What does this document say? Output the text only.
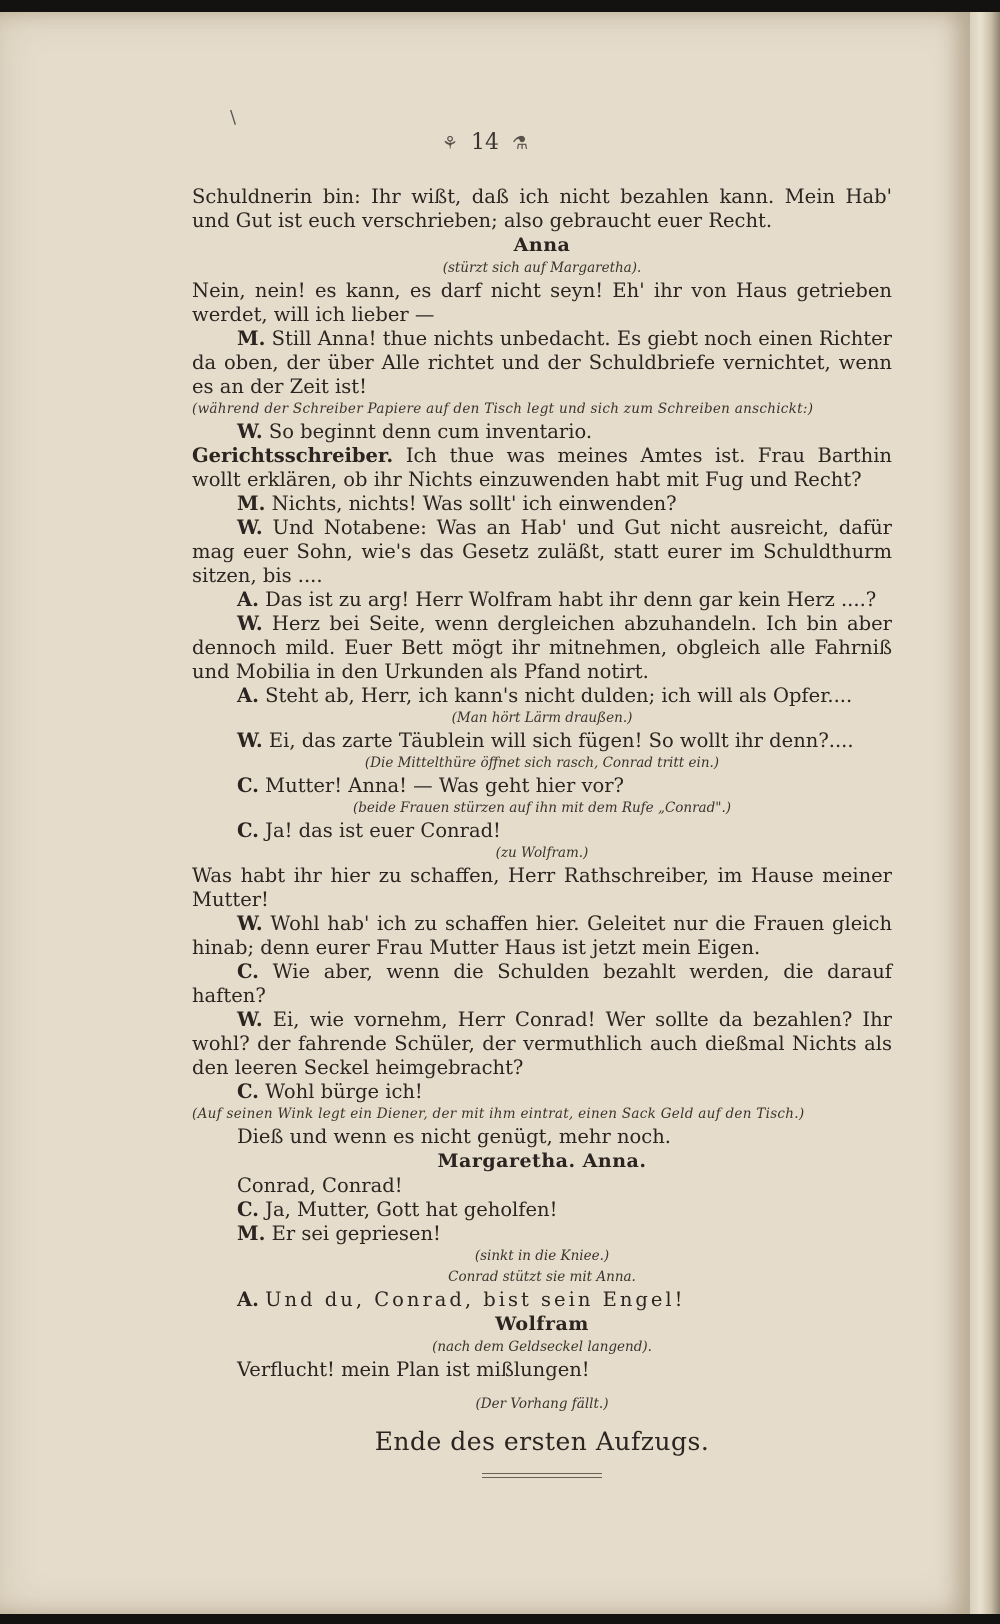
\
⚘ 14 ⚗

Schuldnerin bin: Ihr wißt, daß ich nicht bezahlen kann. Mein Hab' und Gut ist euch verschrieben; also gebraucht euer Recht.

Anna

(stürzt sich auf Margaretha).

Nein, nein! es kann, es darf nicht seyn! Eh' ihr von Haus getrieben werdet, will ich lieber —

M. Still Anna! thue nichts unbedacht. Es giebt noch einen Richter da oben, der über Alle richtet und der Schuldbriefe vernichtet, wenn es an der Zeit ist!

(während der Schreiber Papiere auf den Tisch legt und sich zum Schreiben anschickt:)

W. So beginnt denn cum inventario.

Gerichtsschreiber. Ich thue was meines Amtes ist. Frau Barthin wollt erklären, ob ihr Nichts einzuwenden habt mit Fug und Recht?

M. Nichts, nichts! Was sollt' ich einwenden?

W. Und Notabene: Was an Hab' und Gut nicht ausreicht, dafür mag euer Sohn, wie's das Gesetz zuläßt, statt eurer im Schuldthurm sitzen, bis ....

A. Das ist zu arg! Herr Wolfram habt ihr denn gar kein Herz ....?

W. Herz bei Seite, wenn dergleichen abzuhandeln. Ich bin aber dennoch mild. Euer Bett mögt ihr mitnehmen, obgleich alle Fahrniß und Mobilia in den Urkunden als Pfand notirt.

A. Steht ab, Herr, ich kann's nicht dulden; ich will als Opfer....

(Man hört Lärm draußen.)

W. Ei, das zarte Täublein will sich fügen! So wollt ihr denn?....

(Die Mittelthüre öffnet sich rasch, Conrad tritt ein.)

C. Mutter! Anna! — Was geht hier vor?

(beide Frauen stürzen auf ihn mit dem Rufe „Conrad".)

C. Ja! das ist euer Conrad!

(zu Wolfram.)

Was habt ihr hier zu schaffen, Herr Rathschreiber, im Hause meiner Mutter!

W. Wohl hab' ich zu schaffen hier. Geleitet nur die Frauen gleich hinab; denn eurer Frau Mutter Haus ist jetzt mein Eigen.

C. Wie aber, wenn die Schulden bezahlt werden, die darauf haften?

W. Ei, wie vornehm, Herr Conrad! Wer sollte da bezahlen? Ihr wohl? der fahrende Schüler, der vermuthlich auch dießmal Nichts als den leeren Seckel heimgebracht?

C. Wohl bürge ich!

(Auf seinen Wink legt ein Diener, der mit ihm eintrat, einen Sack Geld auf den Tisch.)

Dieß und wenn es nicht genügt, mehr noch.

Margaretha. Anna.

Conrad, Conrad!

C. Ja, Mutter, Gott hat geholfen!

M. Er sei gepriesen!

(sinkt in die Kniee.)

Conrad stützt sie mit Anna.

A. Und du, Conrad, bist sein Engel!

Wolfram

(nach dem Geldseckel langend).

Verflucht! mein Plan ist mißlungen!

(Der Vorhang fällt.)

Ende des ersten Aufzugs.
